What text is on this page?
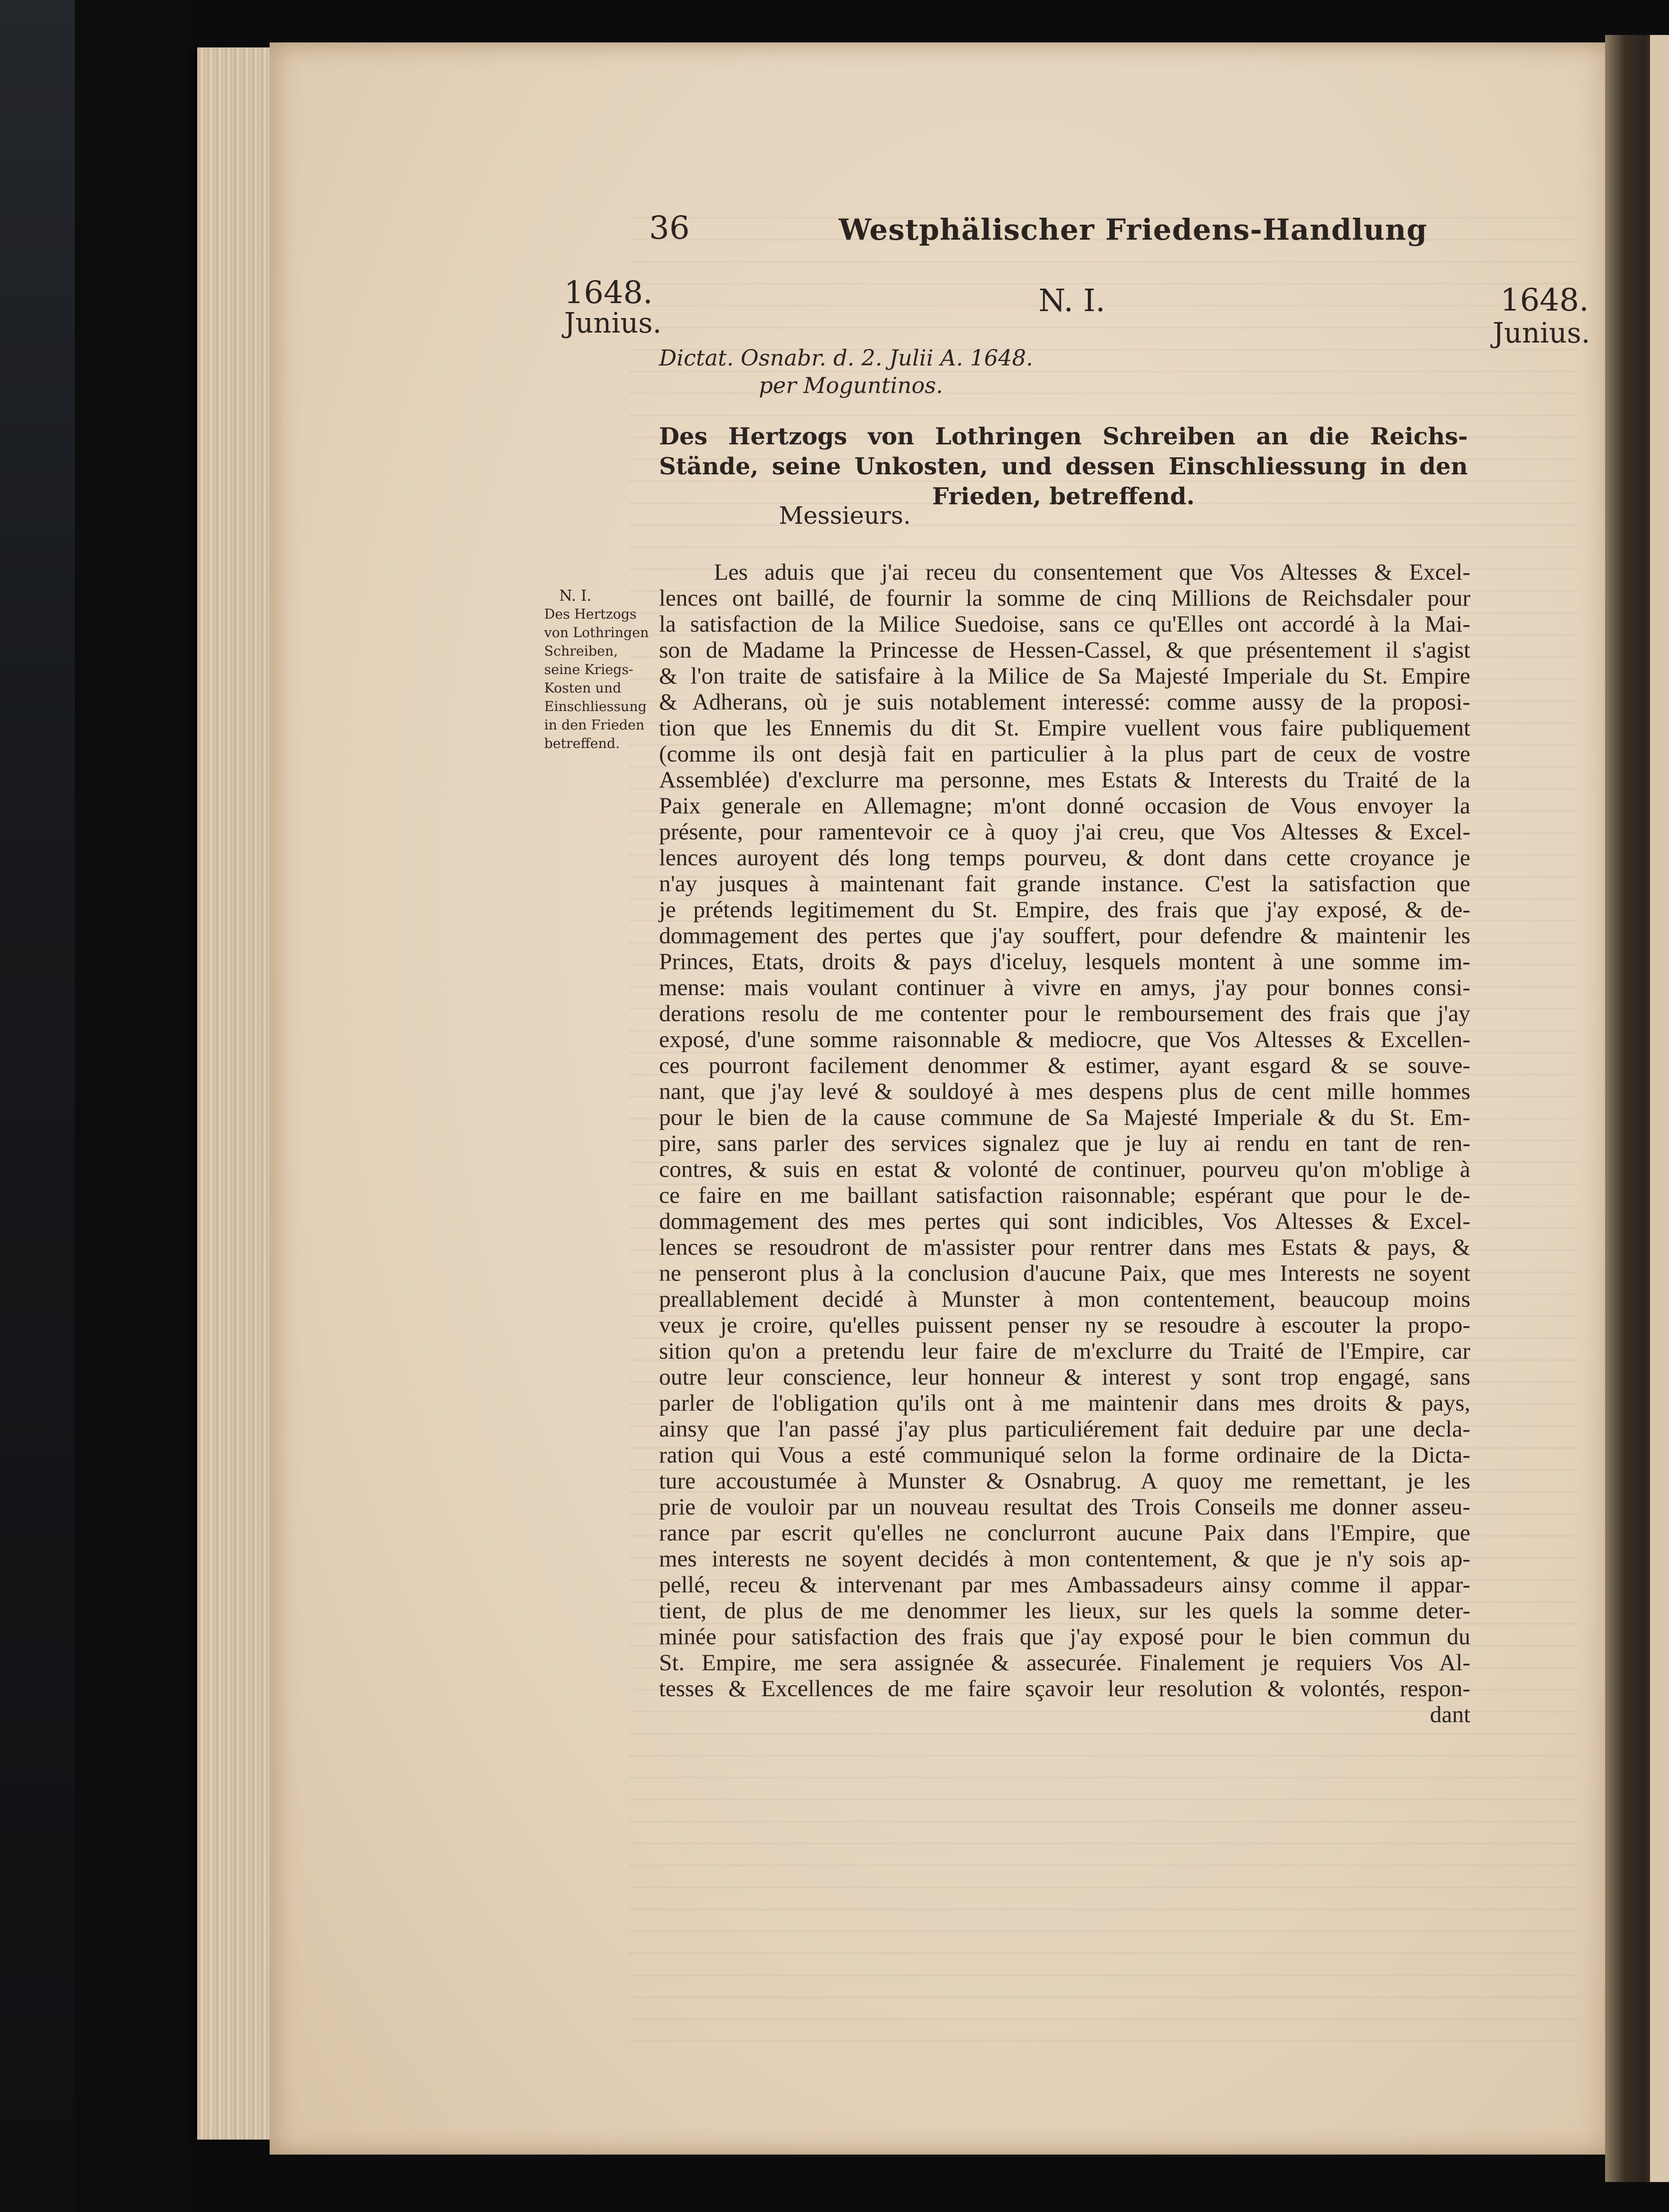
36	Westphälischer Friedens-Handlung
1648.
Junius.
1648.
Junius.
N. I.
Dictat. Osnabr. d. 2. Julii A. 1648.
per Moguntinos.
Des Hertzogs von Lothringen Schreiben an die Reichs-Stände, seine Unkosten, und dessen Einschliessung in den Frieden, betreffend.
Messieurs.
N. I.
Des Hertzogs von Lothringen Schreiben, seine Kriegs-Kosten und Einschliessung in den Frieden betreffend.
Les aduis que j'ai receu du consentement que Vos Altesses & Excel-
lences ont baillé, de fournir la somme de cinq Millions de Reichsdaler pour
la satisfaction de la Milice Suedoise, sans ce qu'Elles ont accordé à la Mai-
son de Madame la Princesse de Hessen-Cassel, & que présentement il s'agist
& l'on traite de satisfaire à la Milice de Sa Majesté Imperiale du St. Empire
& Adherans, où je suis notablement interessé: comme aussy de la proposi-
tion que les Ennemis du dit St. Empire vuellent vous faire publiquement
(comme ils ont desjà fait en particulier à la plus part de ceux de vostre
Assemblée) d'exclurre ma personne, mes Estats & Interests du Traité de la
Paix generale en Allemagne; m'ont donné occasion de Vous envoyer la
présente, pour ramentevoir ce à quoy j'ai creu, que Vos Altesses & Excel-
lences auroyent dés long temps pourveu, & dont dans cette croyance je
n'ay jusques à maintenant fait grande instance. C'est la satisfaction que
je prétends legitimement du St. Empire, des frais que j'ay exposé, & de-
dommagement des pertes que j'ay souffert, pour defendre & maintenir les
Princes, Etats, droits & pays d'iceluy, lesquels montent à une somme im-
mense: mais voulant continuer à vivre en amys, j'ay pour bonnes consi-
derations resolu de me contenter pour le remboursement des frais que j'ay
exposé, d'une somme raisonnable & mediocre, que Vos Altesses & Excellen-
ces pourront facilement denommer & estimer, ayant esgard & se souve-
nant, que j'ay levé & souldoyé à mes despens plus de cent mille hommes
pour le bien de la cause commune de Sa Majesté Imperiale & du St. Em-
pire, sans parler des services signalez que je luy ai rendu en tant de ren-
contres, & suis en estat & volonté de continuer, pourveu qu'on m'oblige à
ce faire en me baillant satisfaction raisonnable; espérant que pour le de-
dommagement des mes pertes qui sont indicibles, Vos Altesses & Excel-
lences se resoudront de m'assister pour rentrer dans mes Estats & pays, &
ne penseront plus à la conclusion d'aucune Paix, que mes Interests ne soyent
preallablement decidé à Munster à mon contentement, beaucoup moins
veux je croire, qu'elles puissent penser ny se resoudre à escouter la propo-
sition qu'on a pretendu leur faire de m'exclurre du Traité de l'Empire, car
outre leur conscience, leur honneur & interest y sont trop engagé, sans
parler de l'obligation qu'ils ont à me maintenir dans mes droits & pays,
ainsy que l'an passé j'ay plus particuliérement fait deduire par une decla-
ration qui Vous a esté communiqué selon la forme ordinaire de la Dicta-
ture accoustumée à Munster & Osnabrug. A quoy me remettant, je les
prie de vouloir par un nouveau resultat des Trois Conseils me donner asseu-
rance par escrit qu'elles ne conclurront aucune Paix dans l'Empire, que
mes interests ne soyent decidés à mon contentement, & que je n'y sois ap-
pellé, receu & intervenant par mes Ambassadeurs ainsy comme il appar-
tient, de plus de me denommer les lieux, sur les quels la somme deter-
minée pour satisfaction des frais que j'ay exposé pour le bien commun du
St. Empire, me sera assignée & assecurée. Finalement je requiers Vos Al-
tesses & Excellences de me faire sçavoir leur resolution & volontés, respon-
dant
